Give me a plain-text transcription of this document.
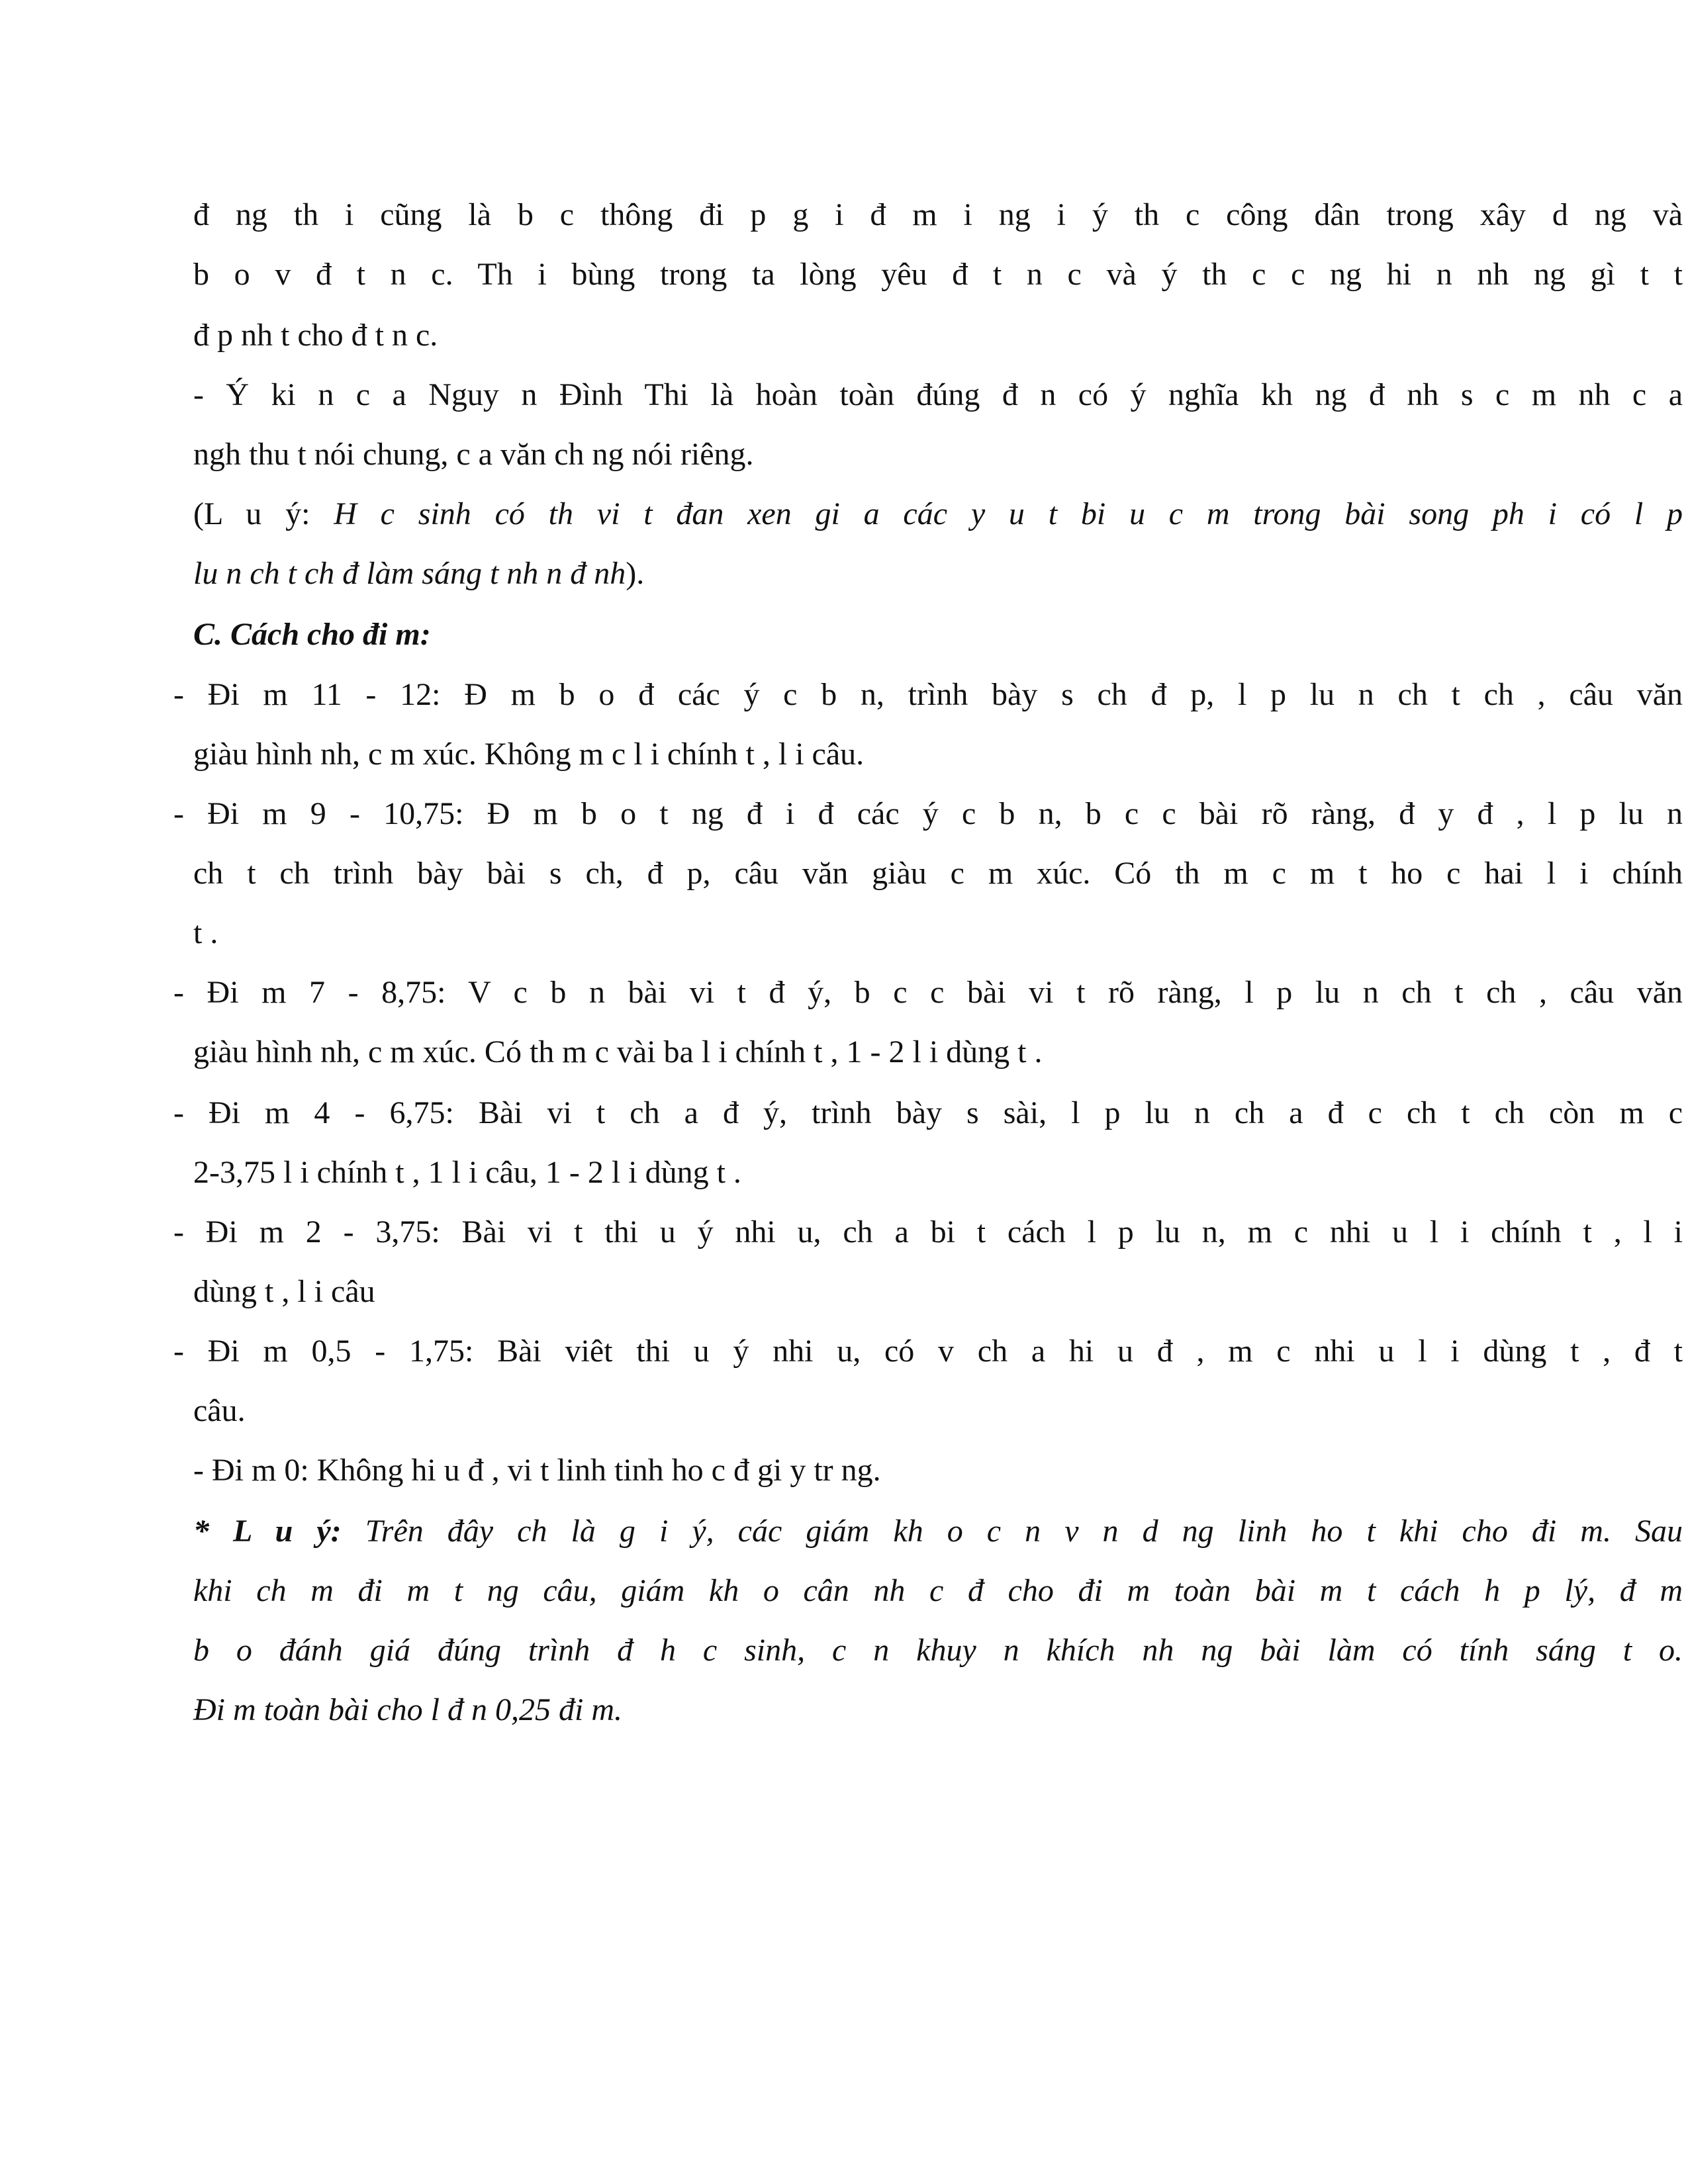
đ ng th i cũng là b c thông đi p g i đ m i ng i ý th c công dân trong xây d ng và
b o v đ t n c. Th i bùng trong ta lòng yêu đ t n c và ý th c c ng hi n nh ng gì t t
đ p nh t cho đ t n c.
- Ý ki n c a Nguy n Đình Thi là hoàn toàn đúng đ n có ý nghĩa kh ng đ nh s c m nh c a
ngh thu t nói chung, c a văn ch ng nói riêng.
(L u ý: H c sinh có th vi t đan xen gi a các y u t bi u c m trong bài song ph i có l p
lu n ch t ch đ làm sáng t nh n đ nh).
C. Cách cho đi m:
- Đi m 11 - 12: Đ m b o đ các ý c b n, trình bày s ch đ p, l p lu n ch t ch , câu văn
giàu hình nh, c m xúc. Không m c l i chính t , l i câu.
- Đi m 9 - 10,75: Đ m b o t ng đ i đ các ý c b n, b c c bài rõ ràng, đ y đ , l p lu n
ch t ch trình bày bài s ch, đ p, câu văn giàu c m xúc. Có th m c m t ho c hai l i chính
t .
- Đi m 7 - 8,75: V c b n bài vi t đ ý, b c c bài vi t rõ ràng, l p lu n ch t ch , câu văn
giàu hình nh, c m xúc. Có th m c vài ba l i chính t , 1 - 2 l i dùng t .
- Đi m 4 - 6,75: Bài vi t ch a đ ý, trình bày s sài, l p lu n ch a đ c ch t ch còn m c
2-3,75 l i chính t , 1 l i câu, 1 - 2 l i dùng t .
- Đi m 2 - 3,75: Bài vi t thi u ý nhi u, ch a bi t cách l p lu n, m c nhi u l i chính t , l i
dùng t , l i câu
- Đi m 0,5 - 1,75: Bài viêt thi u ý nhi u, có v ch a hi u đ , m c nhi u l i dùng t , đ t
câu.
- Đi m 0: Không hi u đ , vi t linh tinh ho c đ gi y tr ng.
* L u ý: Trên đây ch là g i ý, các giám kh o c n v n d ng linh ho t khi cho đi m. Sau
khi ch m đi m t ng câu, giám kh o cân nh c đ cho đi m toàn bài m t cách h p lý, đ m
b o đánh giá đúng trình đ h c sinh, c n khuy n khích nh ng bài làm có tính sáng t o.
Đi m toàn bài cho l đ n 0,25 đi m.
